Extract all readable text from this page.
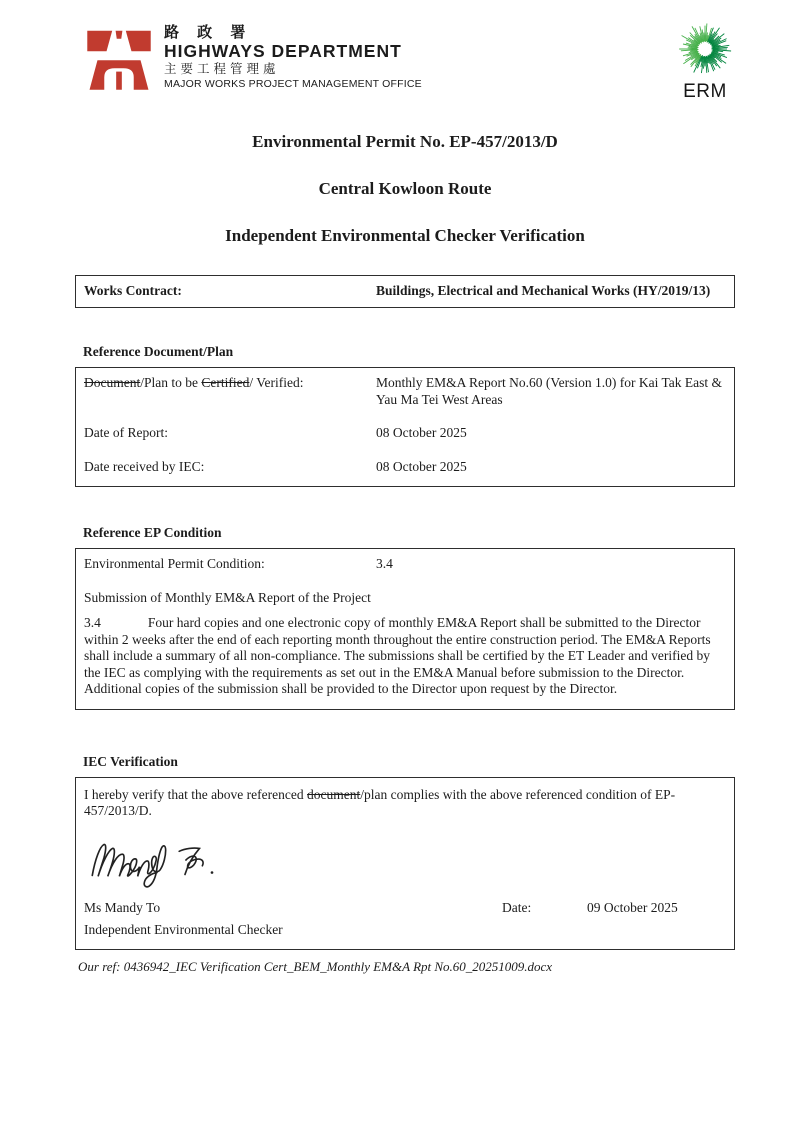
路 政 署
HIGHWAYS DEPARTMENT
主要工程管理處
MAJOR WORKS PROJECT MANAGEMENT OFFICE	ERM
Environmental Permit No. EP-457/2013/D
Central Kowloon Route
Independent Environmental Checker Verification
Works Contract:	Buildings, Electrical and Mechanical Works (HY/2019/13)
Reference Document/Plan
Document/Plan to be Certified/ Verified:	Monthly EM&A Report No.60 (Version 1.0) for Kai Tak East & Yau Ma Tei West Areas
Date of Report:	08 October 2025
Date received by IEC:	08 October 2025
Reference EP Condition
Environmental Permit Condition:	3.4
Submission of Monthly EM&A Report of the Project
3.4	Four hard copies and one electronic copy of monthly EM&A Report shall be submitted to the Director within 2 weeks after the end of each reporting month throughout the entire construction period. The EM&A Reports shall include a summary of all non-compliance. The submissions shall be certified by the ET Leader and verified by the IEC as complying with the requirements as set out in the EM&A Manual before submission to the Director. Additional copies of the submission shall be provided to the Director upon request by the Director.
IEC Verification
I hereby verify that the above referenced document/plan complies with the above referenced condition of EP-457/2013/D.
Ms Mandy To	Date:	09 October 2025
Independent Environmental Checker
Our ref: 0436942_IEC Verification Cert_BEM_Monthly EM&A Rpt No.60_20251009.docx
